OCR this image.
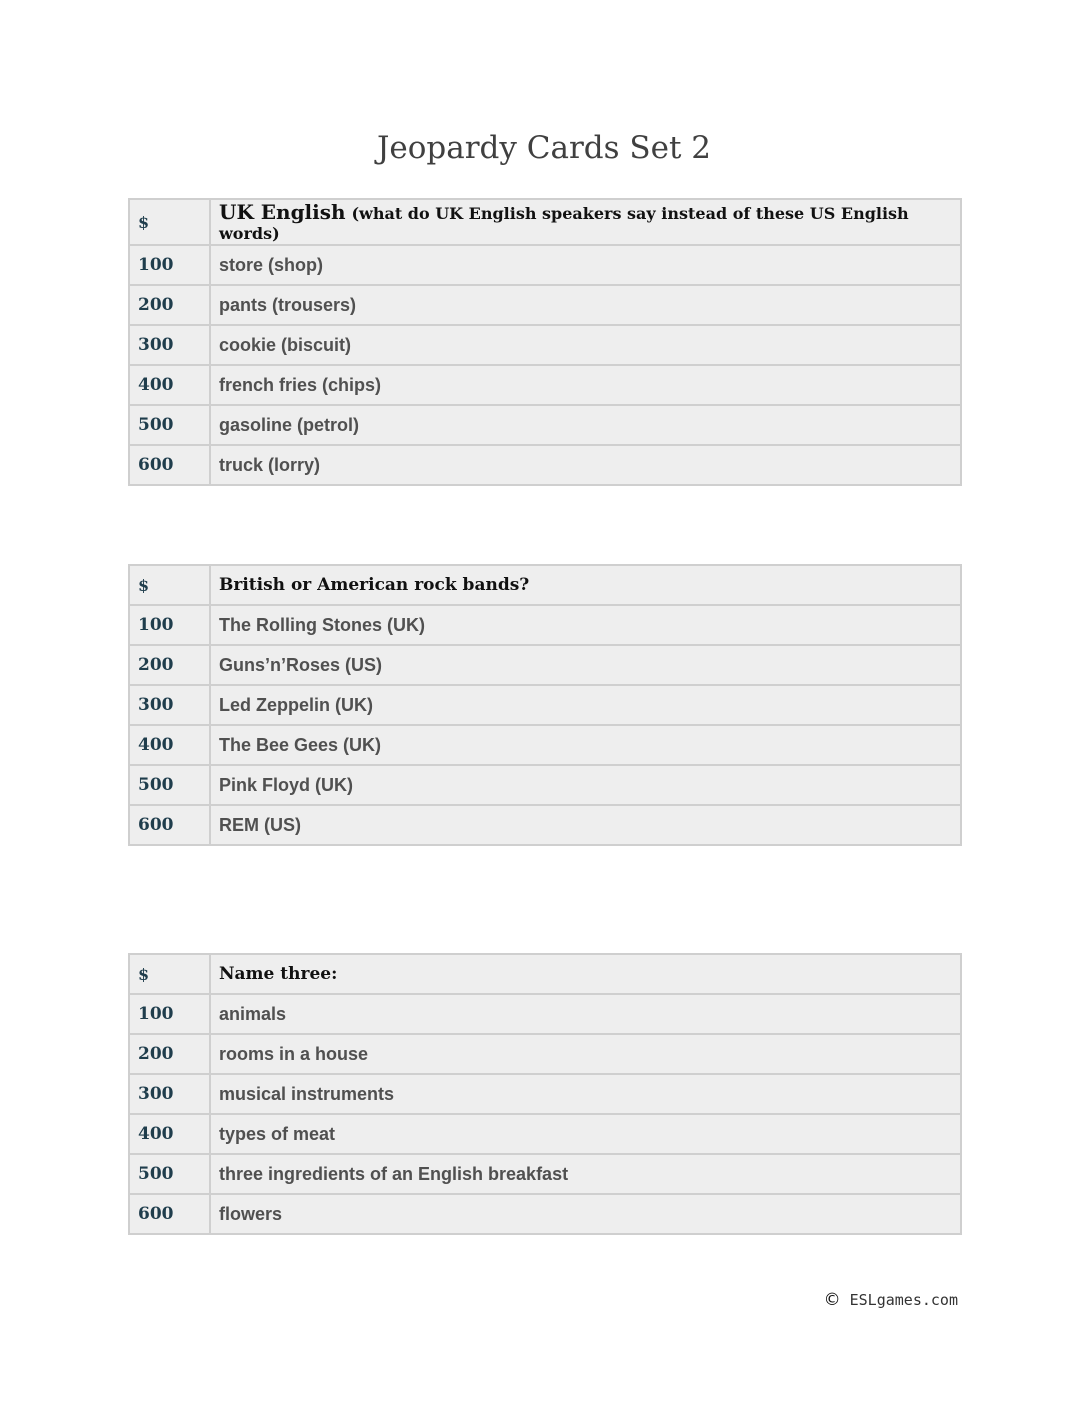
Jeopardy Cards Set 2
$	UK English (what do UK English speakers say instead of these US English words)
100	store (shop)
200	pants (trousers)
300	cookie (biscuit)
400	french fries (chips)
500	gasoline (petrol)
600	truck (lorry)
$	British or American rock bands?
100	The Rolling Stones (UK)
200	Guns’n’Roses (US)
300	Led Zeppelin (UK)
400	The Bee Gees (UK)
500	Pink Floyd (UK)
600	REM (US)
$	Name three:
100	animals
200	rooms in a house
300	musical instruments
400	types of meat
500	three ingredients of an English breakfast
600	flowers
© ESLgames.com
